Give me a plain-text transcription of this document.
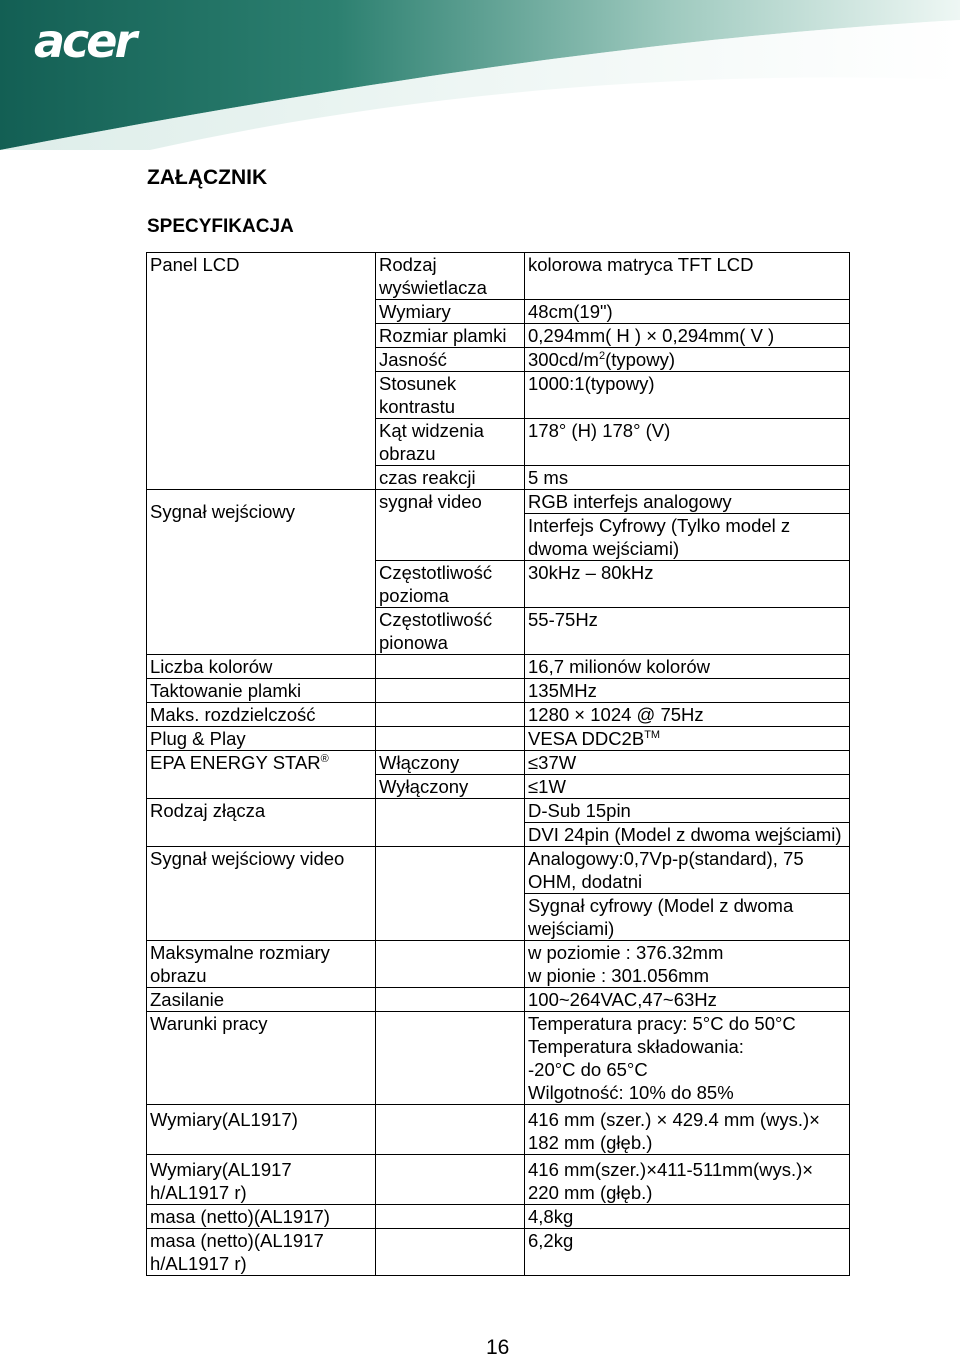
acer
ZAŁĄCZNIK
SPECYFIKACJA
Panel LCD	Rodzaj wyświetlacza	kolorowa matryca TFT LCD
	Wymiary	48cm(19")
	Rozmiar plamki	0,294mm( H ) × 0,294mm( V )
	Jasność	$300cd/m^2(typowy)$
	Stosunek kontrastu	1000:1(typowy)
	Kąt widzenia obrazu	178° (H) 178° (V)
	czas reakcji	5 ms
Sygnał wejściowy	sygnał video	RGB interfejs analogowy
		Interfejs Cyfrowy (Tylko model z dwoma wejściami)
	Częstotliwość pozioma	30kHz – 80kHz
	Częstotliwość pionowa	55-75Hz
Liczba kolorów		16,7 milionów kolorów
Taktowanie plamki		135MHz
Maks. rozdzielczość		1280 × 1024 @ 75Hz
Plug & Play		VESA DDC2B™
EPA ENERGY STAR®	Włączony	≤37W
	Wyłączony	≤1W
Rodzaj złącza		D-Sub 15pin
		DVI 24pin (Model z dwoma wejściami)
Sygnał wejściowy video		Analogowy:0,7Vp-p(standard), 75 OHM, dodatni
		Sygnał cyfrowy (Model z dwoma wejściami)
Maksymalne rozmiary obrazu		w poziomie : 376.32mm
w pionie : 301.056mm

Zasilanie		100~264VAC,47~63Hz
Warunki pracy		Temperatura pracy: 5°C do 50°C
Temperatura składowania:
-20°C do 65°C
Wilgotność: 10% do 85%

Wymiary(AL1917)		416 mm (szer.) × 429.4 mm (wys.)× 182 mm (głęb.)
Wymiary(AL1917 h/AL1917 r)		416 mm(szer.)×411-511mm(wys.)× 220 mm (głęb.)
masa (netto)(AL1917)		4,8kg
masa (netto)(AL1917 h/AL1917 r)		6,2kg
16
